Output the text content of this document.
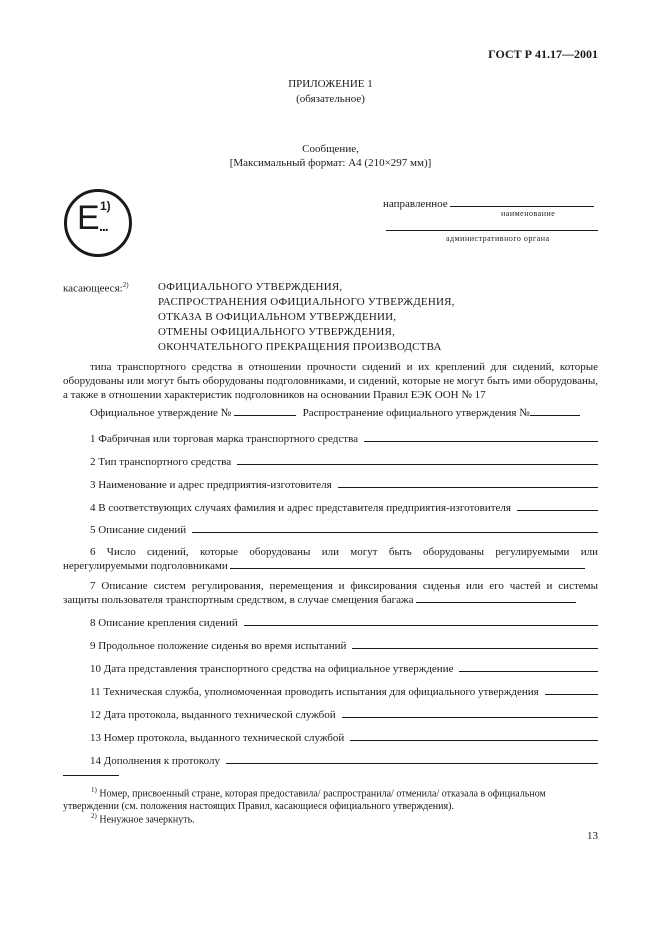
ГОСТ Р 41.17—2001
ПРИЛОЖЕНИЕ 1
(обязательное)
Сообщение,
[Максимальный формат: А4 (210×297 мм)]
E 1)
...
направленное
наименование
административного органа
касающееся:$^{2)}$	ОФИЦИАЛЬНОГО УТВЕРЖДЕНИЯ,
РАСПРОСТРАНЕНИЯ ОФИЦИАЛЬНОГО УТВЕРЖДЕНИЯ,
ОТКАЗА В ОФИЦИАЛЬНОМ УТВЕРЖДЕНИИ,
ОТМЕНЫ ОФИЦИАЛЬНОГО УТВЕРЖДЕНИЯ,
ОКОНЧАТЕЛЬНОГО ПРЕКРАЩЕНИЯ ПРОИЗВОДСТВА
типа транспортного средства в отношении прочности сидений и их креплений для сидений, которые оборудованы или могут быть оборудованы подголовниками, и сидений, которые не могут быть ими оборудованы, а также в отношении характеристик подголовников на основании Правил ЕЭК ООН № 17
Официальное утверждение №	Распространение официального утверждения №
1 Фабричная или торговая марка транспортного средства
2 Тип транспортного средства
3 Наименование и адрес предприятия-изготовителя
4 В соответствующих случаях фамилия и адрес представителя предприятия-изготовителя
5 Описание сидений
6 Число сидений, которые оборудованы или могут быть оборудованы регулируемыми или нерегулируемыми подголовниками
7 Описание систем регулирования, перемещения и фиксирования сиденья или его частей и системы защиты пользователя транспортным средством, в случае смещения багажа
8 Описание крепления сидений
9 Продольное положение сиденья во время испытаний
10 Дата представления транспортного средства на официальное утверждение
11 Техническая служба, уполномоченная проводить испытания для официального утверждения
12 Дата протокола, выданного технической службой
13 Номер протокола, выданного технической службой
14 Дополнения к протоколу
$^{1)}$ Номер, присвоенный стране, которая предоставила/ распространила/ отменила/ отказала в официальном утверждении (см. положения настоящих Правил, касающиеся официального утверждения).
$^{2)}$ Ненужное зачеркнуть.
13
